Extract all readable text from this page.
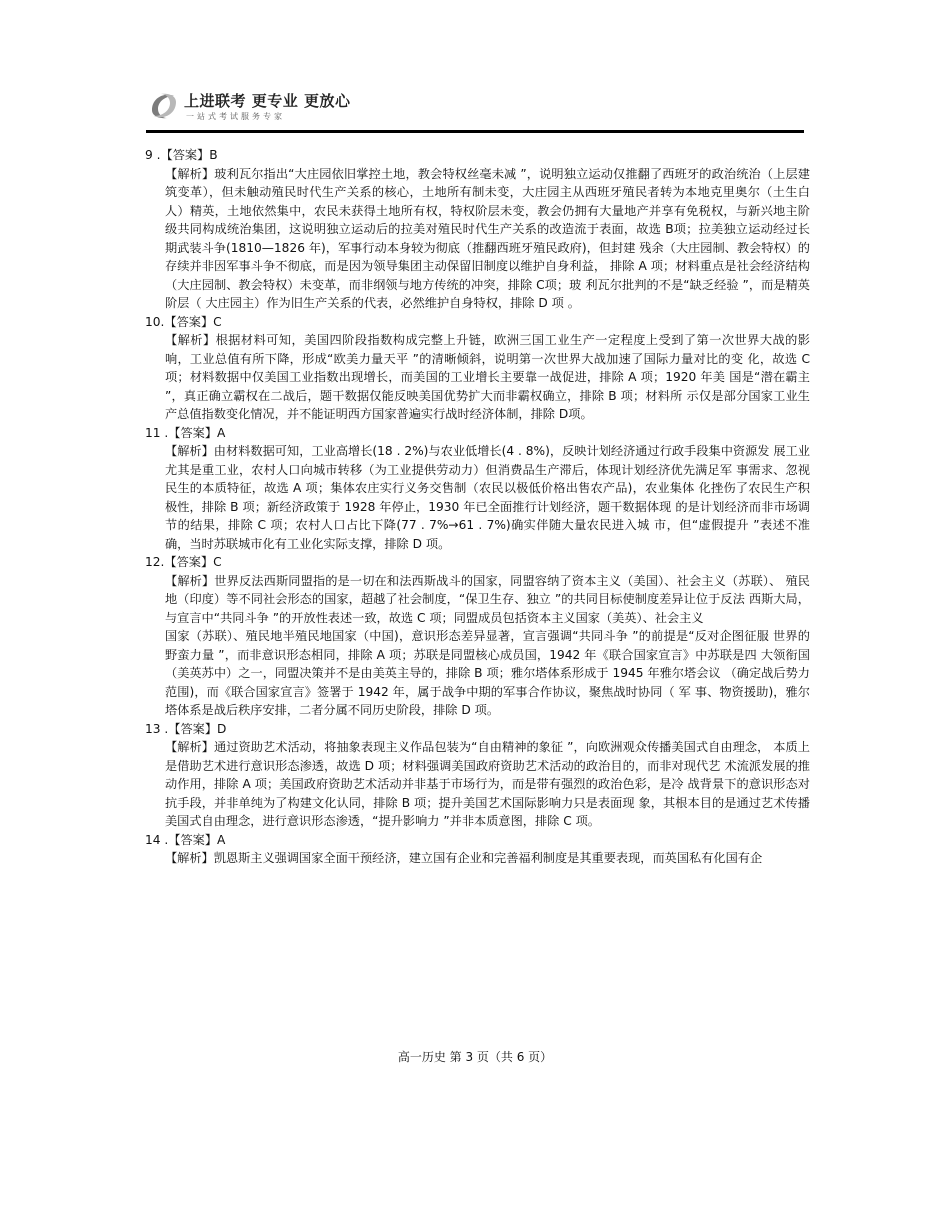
上进联考 更专业 更放心
一站式考试服务专家

9 .【答案】B

【解析】玻利瓦尔指出“大庄园依旧掌控土地，教会特权丝毫未减 ”，说明独立运动仅推翻了西班牙的政治统治（上层建筑变革），但未触动殖民时代生产关系的核心，土地所有制未变，大庄园主从西班牙殖民者转为本地克里奥尔（土生白人）精英，土地依然集中，农民未获得土地所有权，特权阶层未变，教会仍拥有大量地产并享有免税权，与新兴地主阶级共同构成统治集团，这说明独立运动后的拉美对殖民时代生产关系的改造流于表面，故选 B项；拉美独立运动经过长期武装斗争(1810—1826 年)，军事行动本身较为彻底（推翻西班牙殖民政府)，但封建 残余（大庄园制、教会特权）的存续并非因军事斗争不彻底，而是因为领导集团主动保留旧制度以维护自身利益， 排除 A 项；材料重点是社会经济结构（大庄园制、教会特权）未变革，而非纲领与地方传统的冲突，排除 C项；玻 利瓦尔批判的不是“缺乏经验 ”，而是精英阶层（ 大庄园主）作为旧生产关系的代表，必然维护自身特权，排除 D 项 。

10.【答案】C

【解析】根据材料可知，美国四阶段指数构成完整上升链，欧洲三国工业生产一定程度上受到了第一次世界大战的影响，工业总值有所下降，形成“欧美力量天平 ”的清晰倾斜，说明第一次世界大战加速了国际力量对比的变 化，故选 C 项；材料数据中仅美国工业指数出现增长，而美国的工业增长主要靠一战促进，排除 A 项；1920 年美 国是“潜在霸主 ”，真正确立霸权在二战后，题干数据仅能反映美国优势扩大而非霸权确立，排除 B 项；材料所 示仅是部分国家工业生产总值指数变化情况，并不能证明西方国家普遍实行战时经济体制，排除 D项。

11 .【答案】A

【解析】由材料数据可知，工业高增长(18 . 2%)与农业低增长(4 . 8%)，反映计划经济通过行政手段集中资源发 展工业尤其是重工业，农村人口向城市转移（为工业提供劳动力）但消费品生产滞后，体现计划经济优先满足军 事需求、忽视民生的本质特征，故选 A 项；集体农庄实行义务交售制（农民以极低价格出售农产品)，农业集体 化挫伤了农民生产积极性，排除 B 项；新经济政策于 1928 年停止，1930 年已全面推行计划经济，题干数据体现 的是计划经济而非市场调节的结果，排除 C 项；农村人口占比下降(77 . 7%→61 . 7%)确实伴随大量农民进入城 市，但“虚假提升 ”表述不准确，当时苏联城市化有工业化实际支撑，排除 D 项。

12.【答案】C

【解析】世界反法西斯同盟指的是一切在和法西斯战斗的国家，同盟容纳了资本主义（美国）、社会主义（苏联）、 殖民地（印度）等不同社会形态的国家，超越了社会制度，“保卫生存、独立 ”的共同目标使制度差异让位于反法 西斯大局，与宣言中“共同斗争 ”的开放性表述一致，故选 C 项；同盟成员包括资本主义国家（美英）、社会主义

国家（苏联）、殖民地半殖民地国家（中国)，意识形态差异显著，宣言强调“共同斗争 ”的前提是“反对企图征服 世界的野蛮力量 ”，而非意识形态相同，排除 A 项；苏联是同盟核心成员国，1942 年《联合国家宣言》中苏联是四 大领衔国（美英苏中）之一，同盟决策并不是由美英主导的，排除 B 项；雅尔塔体系形成于 1945 年雅尔塔会议 （确定战后势力范围)，而《联合国家宣言》签署于 1942 年，属于战争中期的军事合作协议，聚焦战时协同（ 军 事、物资援助)，雅尔塔体系是战后秩序安排，二者分属不同历史阶段，排除 D 项。

13 .【答案】D

【解析】通过资助艺术活动，将抽象表现主义作品包装为“自由精神的象征 ”，向欧洲观众传播美国式自由理念， 本质上是借助艺术进行意识形态渗透，故选 D 项；材料强调美国政府资助艺术活动的政治目的，而非对现代艺 术流派发展的推动作用，排除 A 项；美国政府资助艺术活动并非基于市场行为，而是带有强烈的政治色彩，是冷 战背景下的意识形态对抗手段，并非单纯为了构建文化认同，排除 B 项；提升美国艺术国际影响力只是表面现 象，其根本目的是通过艺术传播美国式自由理念，进行意识形态渗透，“提升影响力 ”并非本质意图，排除 C 项。

14 .【答案】A

【解析】凯恩斯主义强调国家全面干预经济，建立国有企业和完善福利制度是其重要表现，而英国私有化国有企

高一历史 第 3 页（共 6 页）
